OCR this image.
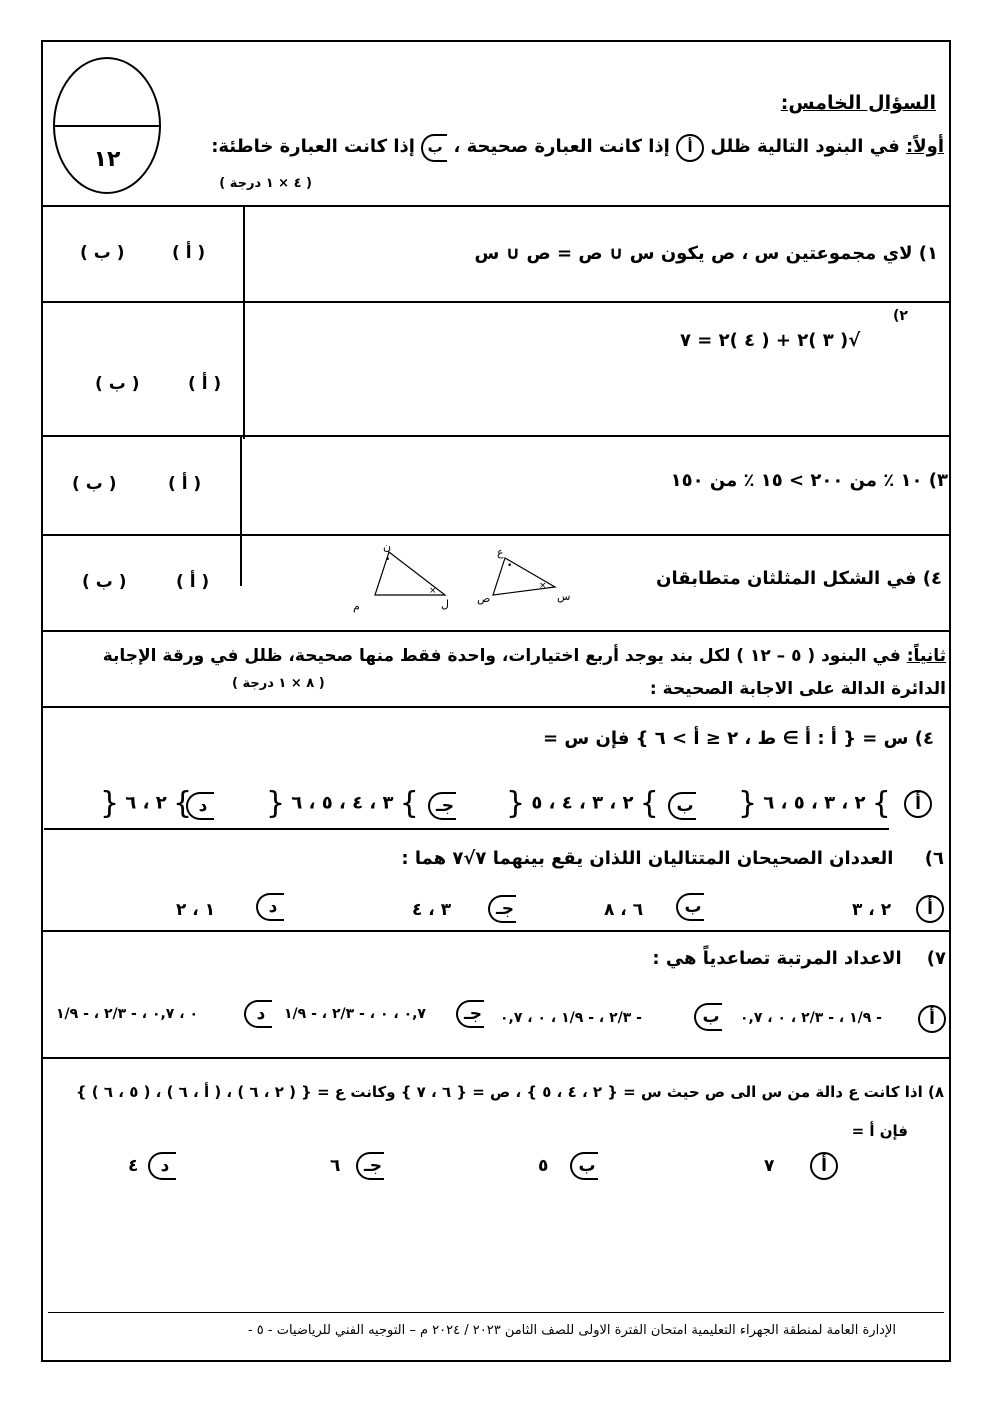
١٢
السؤال الخامس:
أولاً: في البنود التالية ظلل أ إذا كانت العبارة صحيحة ، ب إذا كانت العبارة خاطئة:
( ٤ × ١ درجة )
١) لاي مجموعتين س ، ص يكون س ∪ ص = ص ∪ س
( أ )
( ب )
٢)
√( ٣ )٢ + ( ٤ )٢ = ٧
( أ )
( ب )
٣) ١٠ ٪ من ٢٠٠ > ١٥ ٪ من ١٥٠
( أ )
( ب )
٤) في الشكل المثلثان متطابقان
( أ )
( ب )	×	×
•
•
ن
ل
م
ع
س
ص
ثانياً: في البنود ( ٥ – ١٢ ) لكل بند يوجد أربع اختيارات، واحدة فقط منها صحيحة، ظلل في ورقة الإجابة
الدائرة الدالة على الاجابة الصحيحة :
( ٨ × ١ درجة )
٤) س = { أ : أ ∋ ط ، ٢ ≤ أ > ٦ } فإن س =
أ
} ٢ ، ٣ ، ٥ ، ٦ {
ب
} ٢ ، ٣ ، ٤ ، ٥ {
جـ
} ٣ ، ٤ ، ٥ ، ٦ {
د
} ٢ ، ٦ {
٦)     العددان الصحيحان المتتاليان اللذان يقع بينهما ٧√٧ هما :
أ
٢ ، ٣
ب
٦ ، ٨
جـ
٣ ، ٤
د
١ ، ٢
٧)    الاعداد المرتبة تصاعدياً هي :
أ
- ١/٩ ، - ٢/٣ ، ٠ ، ٠,٧
ب
- ٢/٣ ، - ١/٩ ، ٠ ، ٠,٧
جـ
٠,٧ ، ٠ ، - ٢/٣ ، - ١/٩
د
٠ ، ٠,٧ ، - ٢/٣ ، - ١/٩
٨) اذا كانت ع دالة من س الى ص حيث س = { ٢ ، ٤ ، ٥ } ، ص = { ٦ ، ٧ } وكانت ع = { ( ٢ ، ٦ ) ، ( أ ، ٦ ) ، ( ٥ ، ٦ ) }
فإن أ =
أ
٧
ب
٥
جـ
٦
د
٤
الإدارة العامة لمنطقة الجهراء التعليمية امتحان الفترة الاولى للصف الثامن ٢٠٢٣ / ٢٠٢٤ م – التوجيه الفني للرياضيات - ٥ -
